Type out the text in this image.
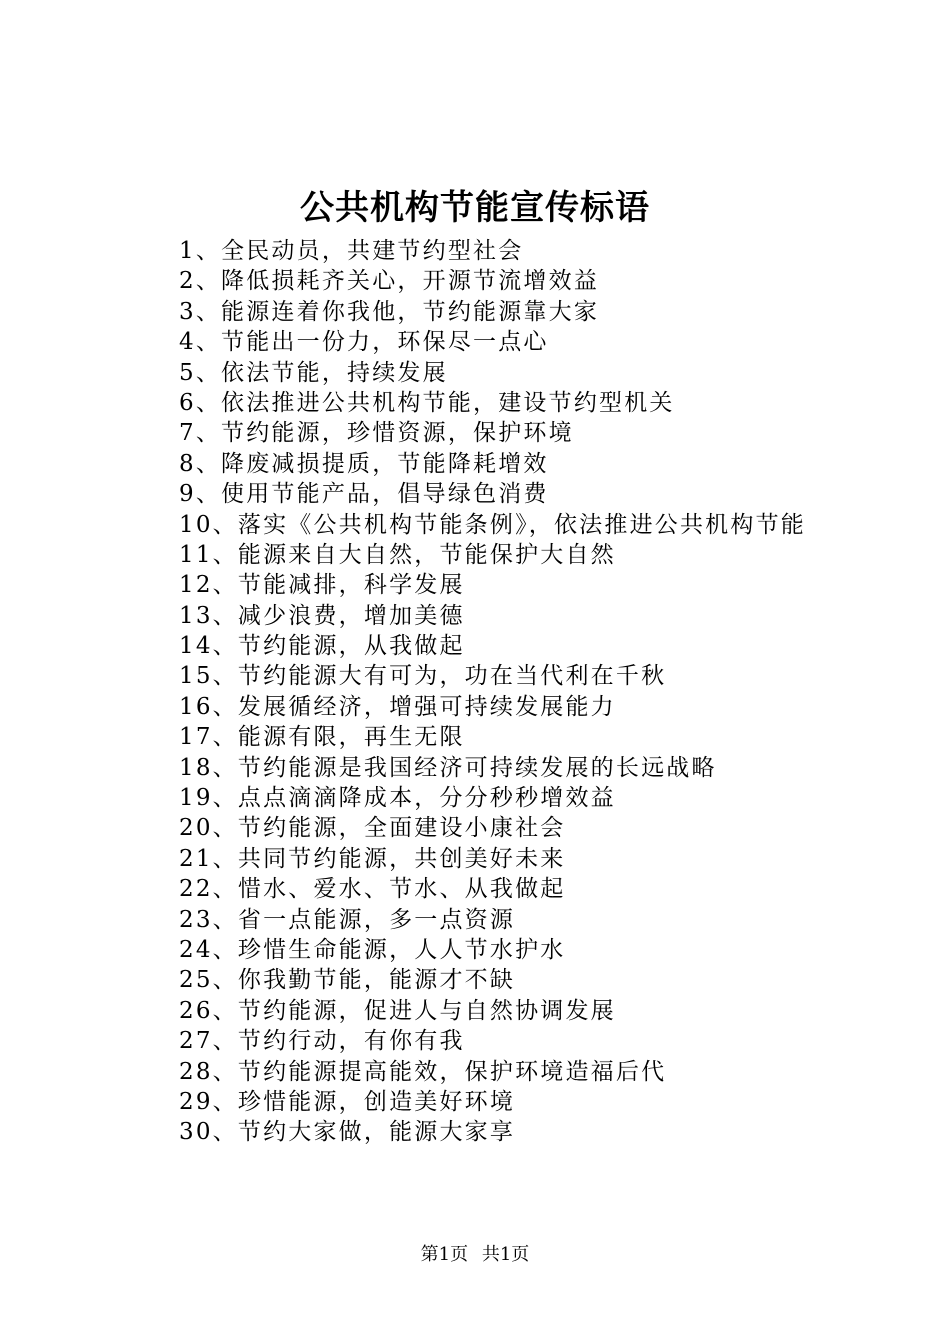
公共机构节能宣传标语
1、全民动员，共建节约型社会
2、降低损耗齐关心，开源节流增效益
3、能源连着你我他，节约能源靠大家
4、节能出一份力，环保尽一点心
5、依法节能，持续发展
6、依法推进公共机构节能，建设节约型机关
7、节约能源，珍惜资源，保护环境
8、降废减损提质，节能降耗增效
9、使用节能产品，倡导绿色消费
10、落实《公共机构节能条例》，依法推进公共机构节能
11、能源来自大自然，节能保护大自然
12、节能减排，科学发展
13、减少浪费，增加美德
14、节约能源，从我做起
15、节约能源大有可为，功在当代利在千秋
16、发展循经济，增强可持续发展能力
17、能源有限，再生无限
18、节约能源是我国经济可持续发展的长远战略
19、点点滴滴降成本，分分秒秒增效益
20、节约能源，全面建设小康社会
21、共同节约能源，共创美好未来
22、惜水、爱水、节水、从我做起
23、省一点能源，多一点资源
24、珍惜生命能源，人人节水护水
25、你我勤节能，能源才不缺
26、节约能源，促进人与自然协调发展
27、节约行动，有你有我
28、节约能源提高能效，保护环境造福后代
29、珍惜能源，创造美好环境
30、节约大家做，能源大家享
第1页 共1页
